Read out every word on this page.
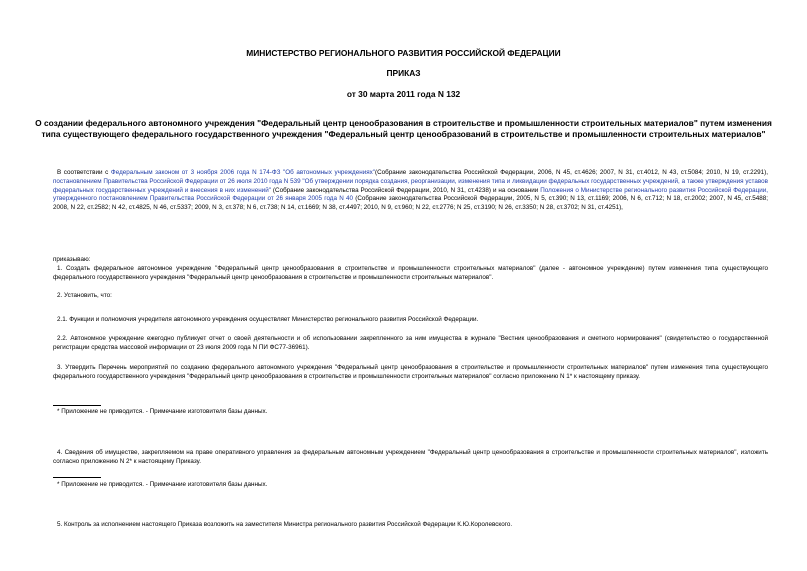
МИНИСТЕРСТВО РЕГИОНАЛЬНОГО РАЗВИТИЯ РОССИЙСКОЙ ФЕДЕРАЦИИ
ПРИКАЗ
от 30 марта 2011 года N 132
О создании федерального автономного учреждения "Федеральный центр ценообразования в строительстве и промышленности строительных материалов" путем изменения типа существующего федерального государственного учреждения "Федеральный центр ценообразований в строительстве и промышленности строительных материалов"

В соответствии с Федеральным законом от 3 ноября 2006 года N 174-ФЗ "Об автономных учреждениях"(Собрание законодательства Российской Федерации, 2006, N 45, ст.4626; 2007, N 31, ст.4012, N 43, ст.5084; 2010, N 19, ст.2291), постановлением Правительства Российской Федерации от 26 июля 2010 года N 539 "Об утверждении порядка создания, реорганизации, изменения типа и ликвидации федеральных государственных учреждений, а также утверждения уставов федеральных государственных учреждений и внесения в них изменений" (Собрание законодательства Российской Федерации, 2010, N 31, ст.4238) и на основании Положения о Министерстве регионального развития Российской Федерации, утвержденного постановлением Правительства Российской Федерации от 26 января 2005 года N 40 (Собрание законодательства Российской Федерации, 2005, N 5, ст.390; N 13, ст.1169; 2006, N 6, ст.712; N 18, ст.2002; 2007, N 45, ст.5488; 2008, N 22, ст.2582; N 42, ст.4825, N 46, ст.5337; 2009, N 3, ст.378; N 6, ст.738; N 14, ст.1669; N 38, ст.4497; 2010, N 9, ст.960; N 22, ст.2776; N 25, ст.3190; N 26, ст.3350; N 28, ст.3702; N 31, ст.4251),

приказываю:

1. Создать федеральное автономное учреждение "Федеральный центр ценообразования в строительстве и промышленности строительных материалов" (далее - автономное учреждение) путем изменения типа существующего федерального государственного учреждения "Федеральный центр ценообразования в строительстве и промышленности строительных материалов".

2. Установить, что:

2.1. Функции и полномочия учредителя автономного учреждения осуществляет Министерство регионального развития Российской Федерации.

2.2. Автономное учреждение ежегодно публикует отчет о своей деятельности и об использовании закрепленного за ним имущества в журнале "Вестник ценообразования и сметного нормирования" (свидетельство о государственной регистрации средства массовой информации от 23 июля 2009 года N ПИ ФС77-36961).

3. Утвердить Перечень мероприятий по созданию федерального автономного учреждения "Федеральный центр ценообразования в строительстве и промышленности строительных материалов" путем изменения типа существующего федерального государственного учреждения "Федеральный центр ценообразования в строительстве и промышленности строительных материалов" согласно приложению N 1* к настоящему приказу.

* Приложение не приводится. - Примечание изготовителя базы данных.

4. Сведения об имуществе, закрепляемом на праве оперативного управления за федеральным автономным учреждением "Федеральный центр ценообразования в строительстве и промышленности строительных материалов", изложить согласно приложению N 2* к настоящему Приказу.

* Приложение не приводится. - Примечание изготовителя базы данных.

5. Контроль за исполнением настоящего Приказа возложить на заместителя Министра регионального развития Российской Федерации К.Ю.Королевского.
